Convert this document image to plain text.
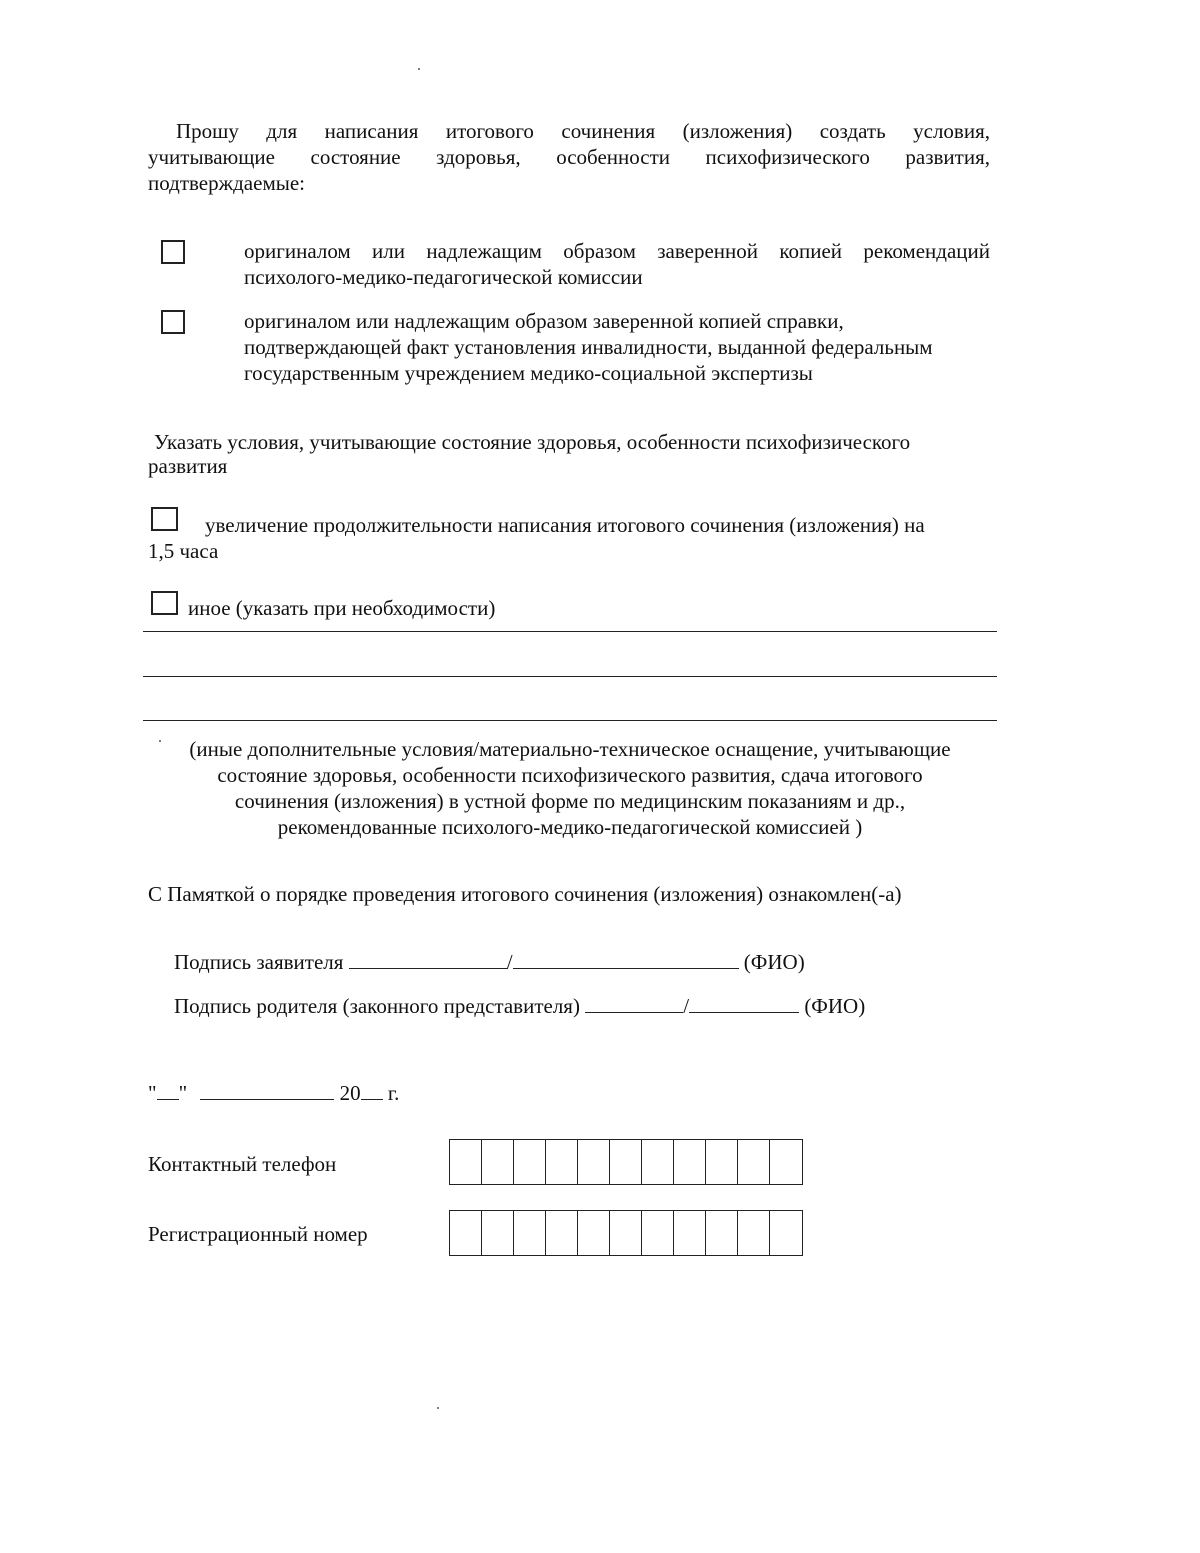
Прошу для написания итогового сочинения (изложения) создать условия,
учитывающие состояние здоровья, особенности психофизического развития,
подтверждаемые:
оригиналом или надлежащим образом заверенной копией рекомендаций
психолого-медико-педагогической комиссии
оригиналом или надлежащим образом заверенной копией справки,
подтверждающей факт установления инвалидности, выданной федеральным
государственным учреждением медико-социальной экспертизы
Указать условия, учитывающие состояние здоровья, особенности психофизического
развития
увеличение продолжительности написания итогового сочинения (изложения) на
1,5 часа
иное (указать при необходимости)
(иные дополнительные условия/материально-техническое оснащение, учитывающие
состояние здоровья, особенности психофизического развития, сдача итогового
сочинения (изложения) в устной форме по медицинским показаниям и др.,
рекомендованные психолого-медико-педагогической комиссией )
С Памяткой о порядке проведения итогового сочинения (изложения) ознакомлен(-а)
Подпись заявителя	/	(ФИО)
Подпись родителя (законного представителя)	/	(ФИО)
" "	20 г.
Контактный телефон
Регистрационный номер
